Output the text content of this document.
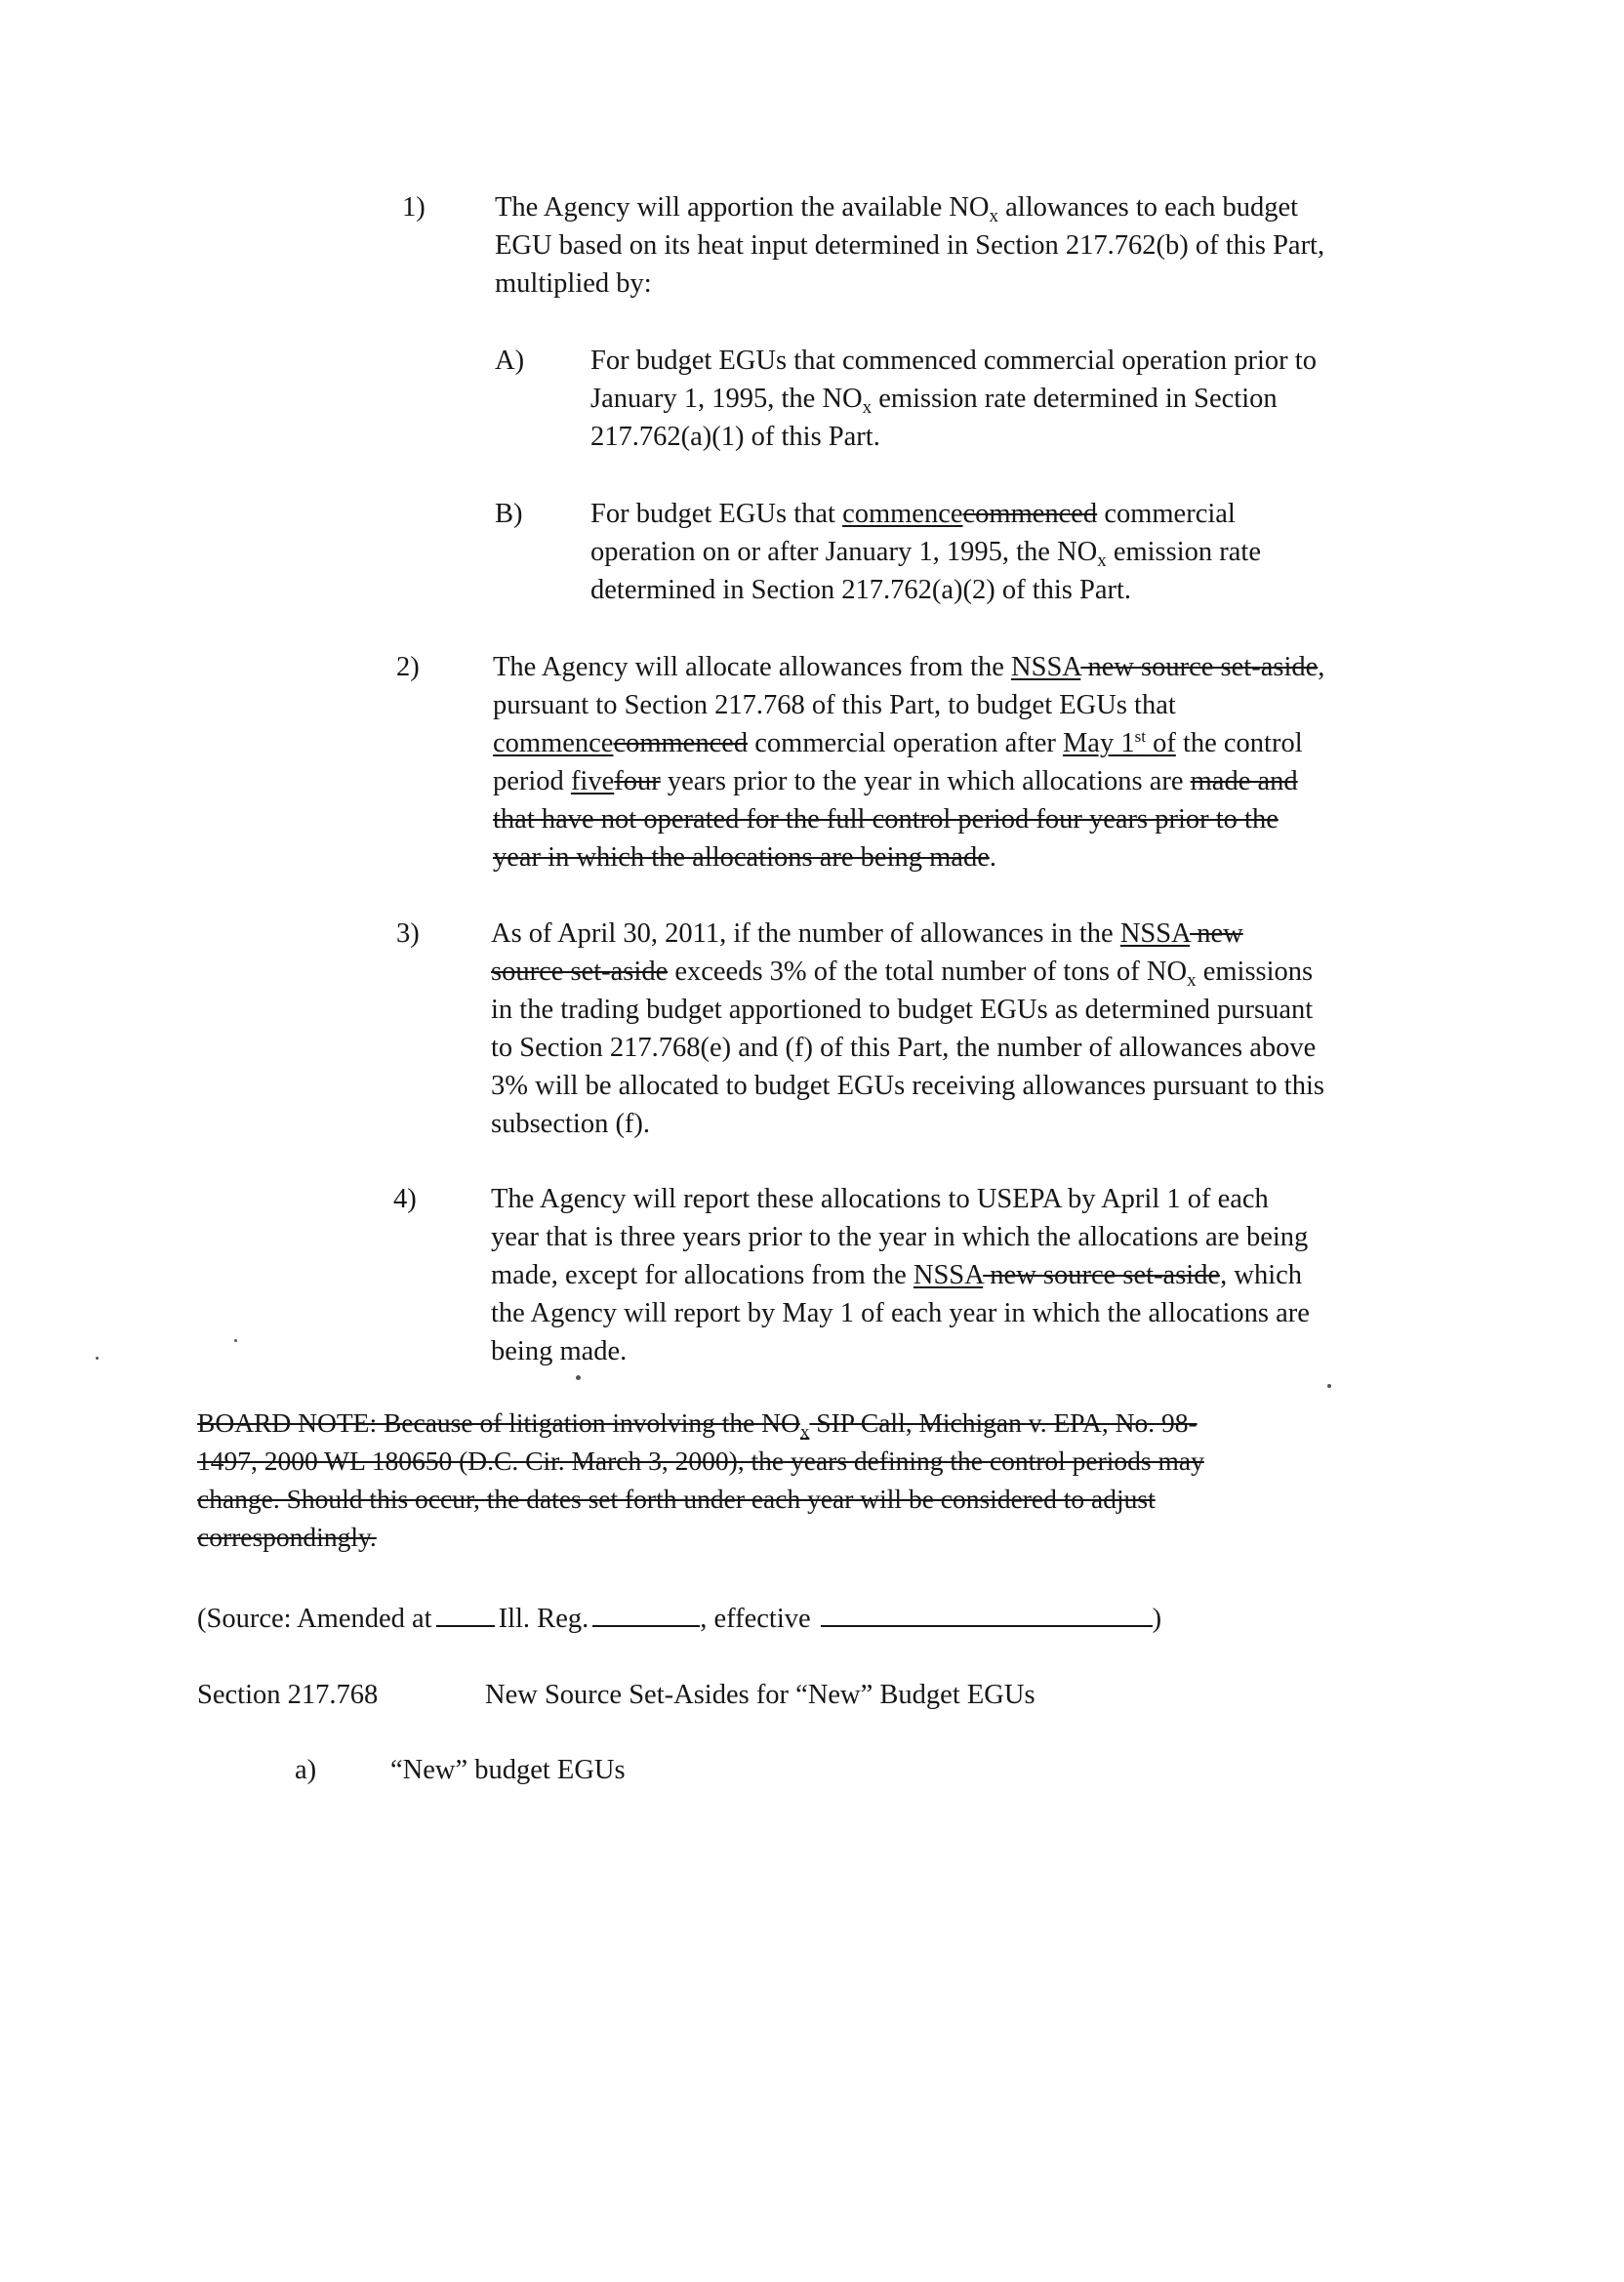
1)	The Agency will apportion the available $NO_x$ allowances to each budget
EGU based on its heat input determined in Section 217.762(b) of this Part,
multiplied by:
A) For budget EGUs that commenced commercial operation prior to
January 1, 1995, the $NO_x$ emission rate determined in Section
217.762(a)(1) of this Part.
B) For budget EGUs that commencecommenced commercial
operation on or after January 1, 1995, the $NO_x$ emission rate
determined in Section 217.762(a)(2) of this Part.
2)	The Agency will allocate allowances from the NSSA new source set-aside,
pursuant to Section 217.768 of this Part, to budget EGUs that
commencecommenced commercial operation after May 1st of the control
period fivefour years prior to the year in which allocations are made and
that have not operated for the full control period four years prior to the
year in which the allocations are being made.
3)	As of April 30, 2011, if the number of allowances in the NSSA new
source set-aside exceeds 3% of the total number of tons of $NO_x$ emissions
in the trading budget apportioned to budget EGUs as determined pursuant
to Section 217.768(e) and (f) of this Part, the number of allowances above
3% will be allocated to budget EGUs receiving allowances pursuant to this
subsection (f).
4)	The Agency will report these allocations to USEPA by April 1 of each
year that is three years prior to the year in which the allocations are being
made, except for allocations from the NSSA new source set-aside, which
the Agency will report by May 1 of each year in which the allocations are
being made.
BOARD NOTE: Because of litigation involving the $NO_x$ SIP Call, Michigan v. EPA, No. 98-
1497, 2000 WL 180650 (D.C. Cir. March 3, 2000), the years defining the control periods may
change. Should this occur, the dates set forth under each year will be considered to adjust
correspondingly.
(Source: Amended at Ill. Reg.	, effective	)
Section 217.768	New Source Set-Asides for “New” Budget EGUs
a)	“New” budget EGUs
